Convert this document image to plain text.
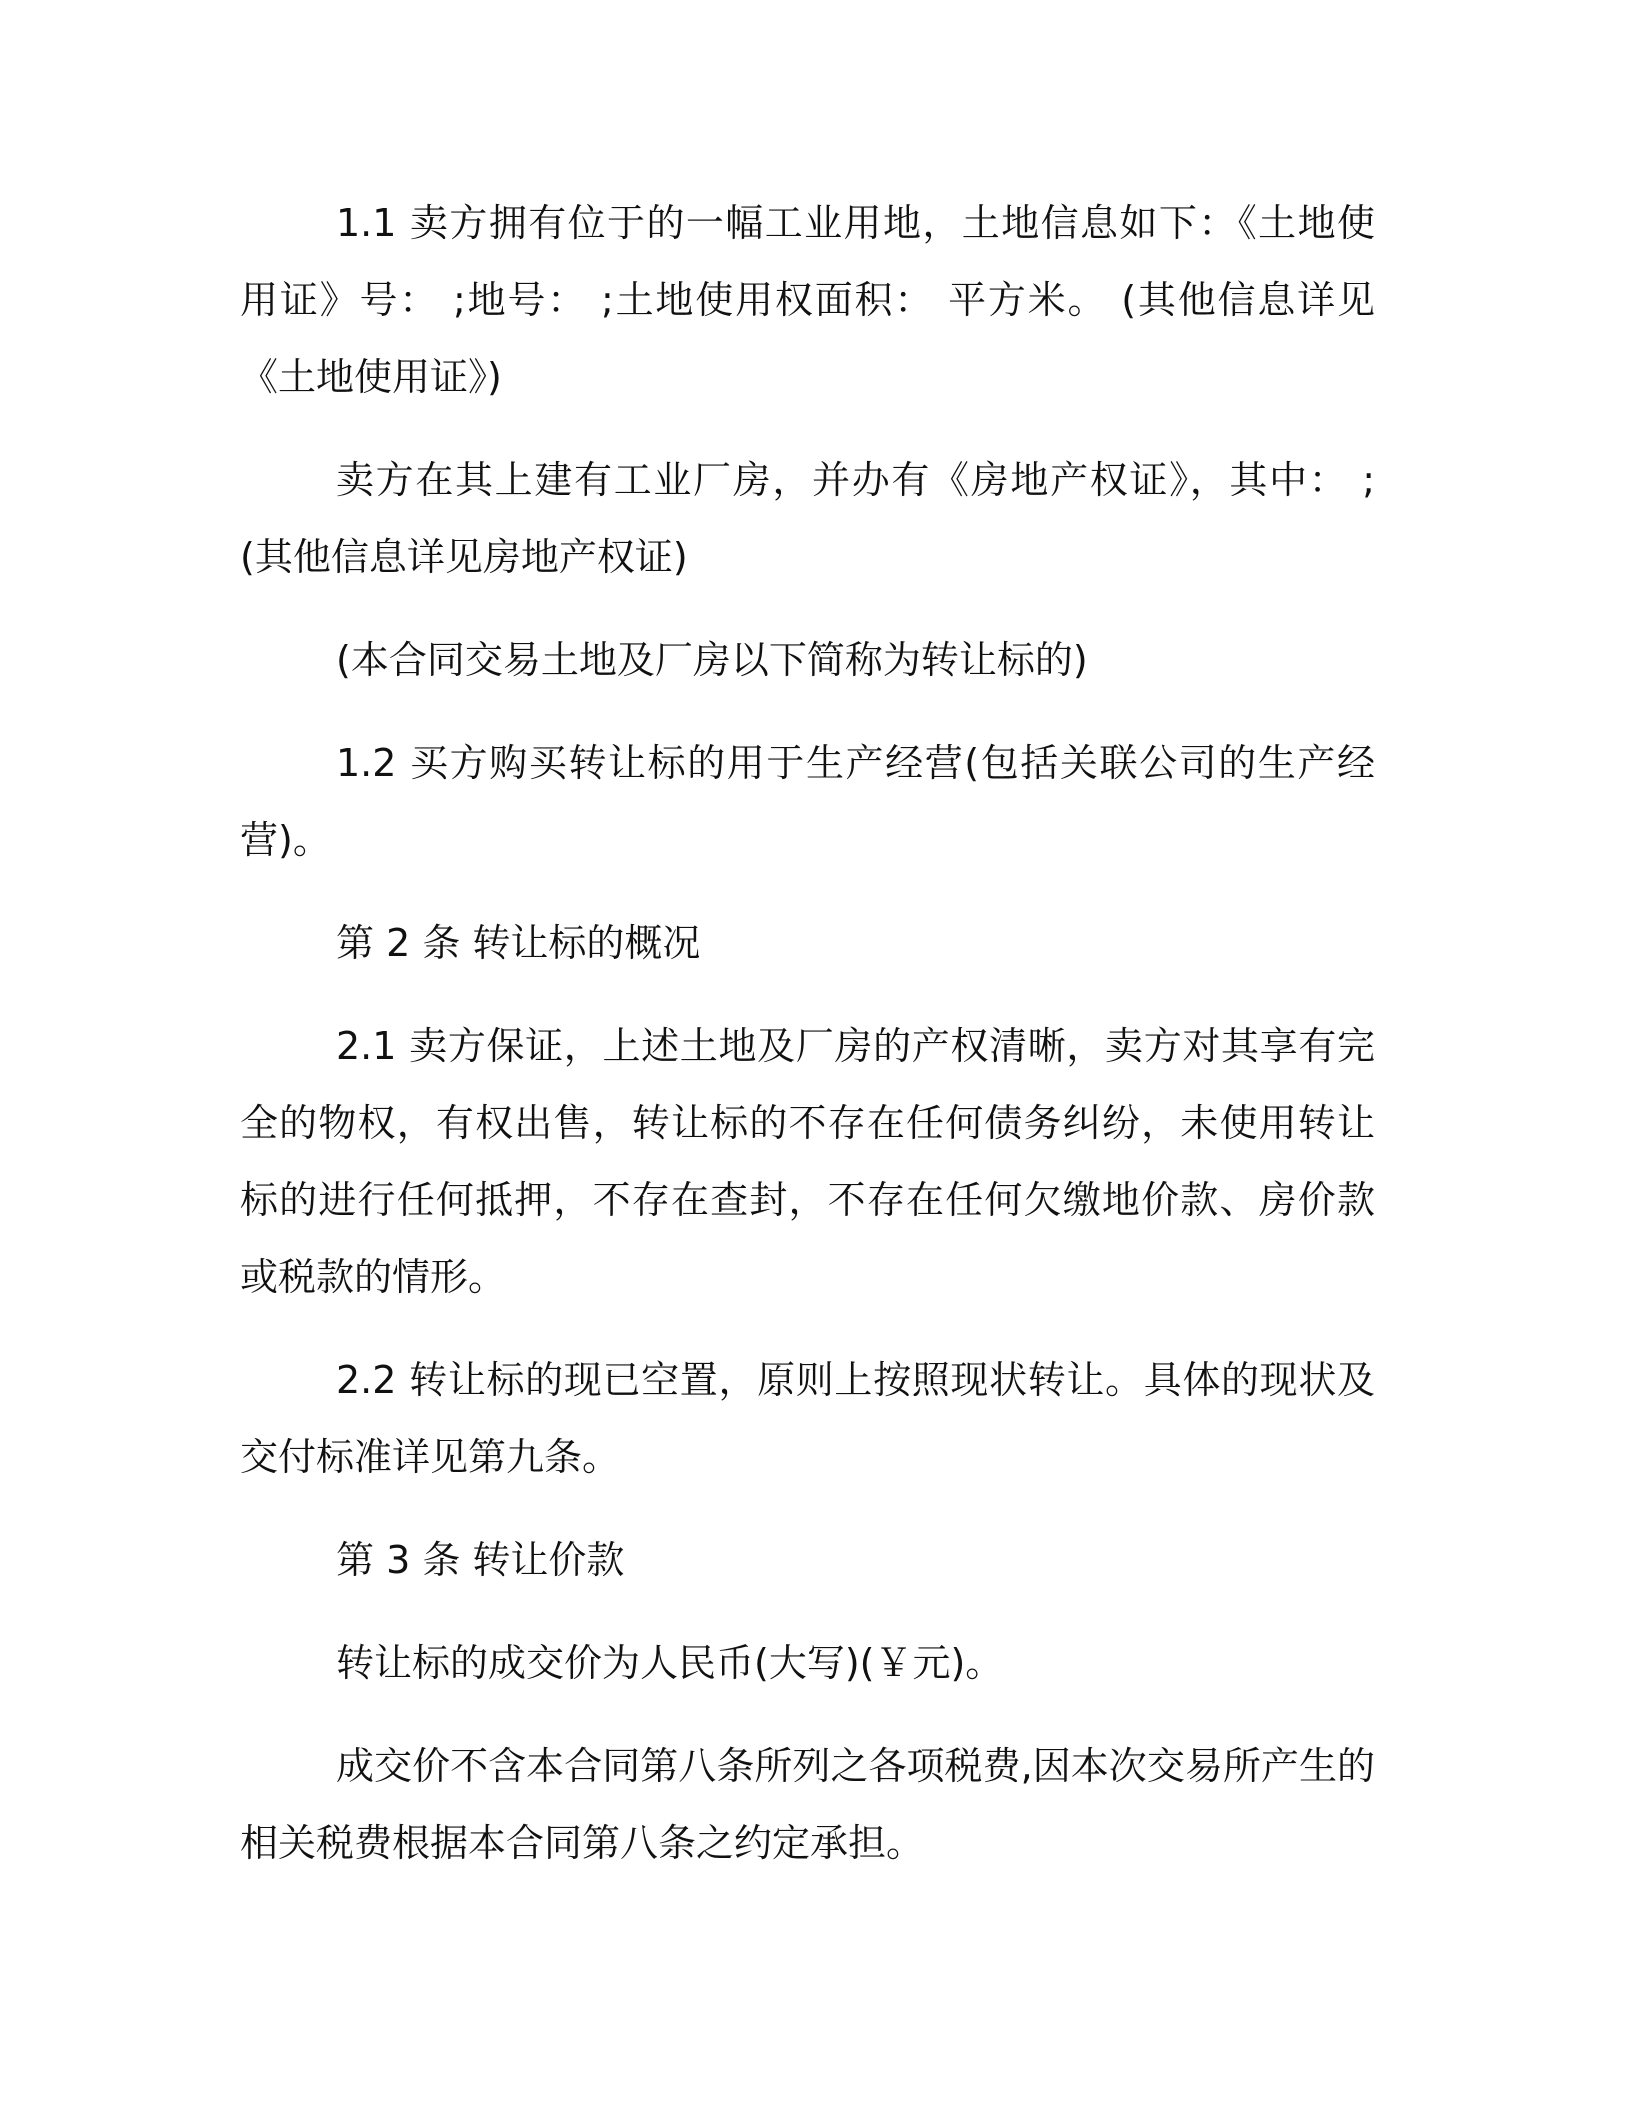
1.1 卖方拥有位于的一幅工业用地，土地信息如下：《土地使用证》号： ;地号： ;土地使用权面积： 平方米。 (其他信息详见《土地使用证》)

卖方在其上建有工业厂房，并办有《房地产权证》，其中： ; (其他信息详见房地产权证)

(本合同交易土地及厂房以下简称为转让标的)

1.2 买方购买转让标的用于生产经营(包括关联公司的生产经营)。

第 2 条 转让标的概况

2.1 卖方保证，上述土地及厂房的产权清晰，卖方对其享有完全的物权，有权出售，转让标的不存在任何债务纠纷，未使用转让标的进行任何抵押，不存在查封，不存在任何欠缴地价款、房价款或税款的情形。

2.2 转让标的现已空置，原则上按照现状转让。具体的现状及交付标准详见第九条。

第 3 条 转让价款

转让标的成交价为人民币(大写)(￥元)。

成交价不含本合同第八条所列之各项税费,因本次交易所产生的相关税费根据本合同第八条之约定承担。
